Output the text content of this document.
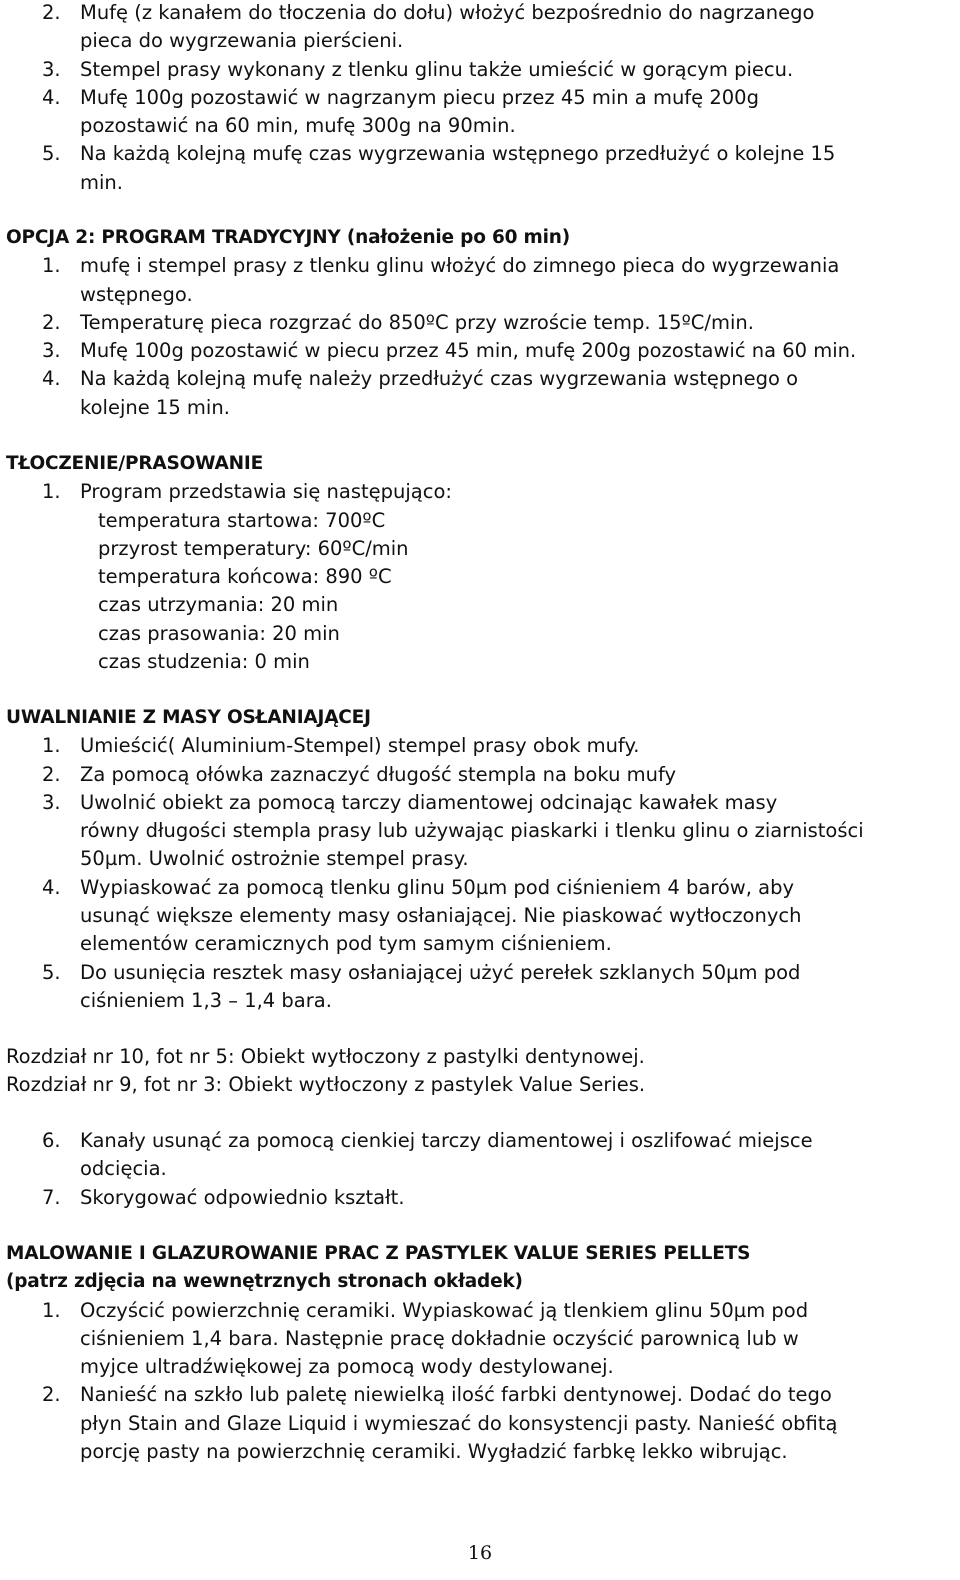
2. Mufę (z kanałem do tłoczenia do dołu) włożyć bezpośrednio do nagrzanego
pieca do wygrzewania pierścieni.
3. Stempel prasy wykonany z tlenku glinu także umieścić w gorącym piecu.
4. Mufę 100g pozostawić w nagrzanym piecu przez 45 min a mufę 200g
pozostawić na 60 min, mufę 300g na 90min.
5. Na każdą kolejną mufę czas wygrzewania wstępnego przedłużyć o kolejne 15
min.
OPCJA 2: PROGRAM TRADYCYJNY (nałożenie po 60 min)
1. mufę i stempel prasy z tlenku glinu włożyć do zimnego pieca do wygrzewania
wstępnego.
2. Temperaturę pieca rozgrzać do 850ºC przy wzroście temp. 15ºC/min.
3. Mufę 100g pozostawić w piecu przez 45 min, mufę 200g pozostawić na 60 min.
4. Na każdą kolejną mufę należy przedłużyć czas wygrzewania wstępnego o
kolejne 15 min.
TŁOCZENIE/PRASOWANIE
1. Program przedstawia się następująco:
temperatura startowa: 700ºC
przyrost temperatury: 60ºC/min
temperatura końcowa: 890 ºC
czas utrzymania: 20 min
czas prasowania: 20 min
czas studzenia: 0 min
UWALNIANIE Z MASY OSŁANIAJĄCEJ
1. Umieścić( Aluminium-Stempel) stempel prasy obok mufy.
2. Za pomocą ołówka zaznaczyć długość stempla na boku mufy
3. Uwolnić obiekt za pomocą tarczy diamentowej odcinając kawałek masy
równy długości stempla prasy lub używając piaskarki i tlenku glinu o ziarnistości
50µm. Uwolnić ostrożnie stempel prasy.
4. Wypiaskować za pomocą tlenku glinu 50µm pod ciśnieniem 4 barów, aby
usunąć większe elementy masy osłaniającej. Nie piaskować wytłoczonych
elementów ceramicznych pod tym samym ciśnieniem.
5. Do usunięcia resztek masy osłaniającej użyć perełek szklanych 50µm pod
ciśnieniem 1,3 – 1,4 bara.
Rozdział nr 10, fot nr 5: Obiekt wytłoczony z pastylki dentynowej.
Rozdział nr 9, fot nr 3: Obiekt wytłoczony z pastylek Value Series.
6. Kanały usunąć za pomocą cienkiej tarczy diamentowej i oszlifować miejsce
odcięcia.
7. Skorygować odpowiednio kształt.
MALOWANIE I GLAZUROWANIE PRAC Z PASTYLEK VALUE SERIES PELLETS
(patrz zdjęcia na wewnętrznych stronach okładek)
1. Oczyścić powierzchnię ceramiki. Wypiaskować ją tlenkiem glinu 50µm pod
ciśnieniem 1,4 bara. Następnie pracę dokładnie oczyścić parownicą lub w
myjce ultradźwiękowej za pomocą wody destylowanej.
2. Nanieść na szkło lub paletę niewielką ilość farbki dentynowej. Dodać do tego
płyn Stain and Glaze Liquid i wymieszać do konsystencji pasty. Nanieść obfitą
porcję pasty na powierzchnię ceramiki. Wygładzić farbkę lekko wibrując.
16
